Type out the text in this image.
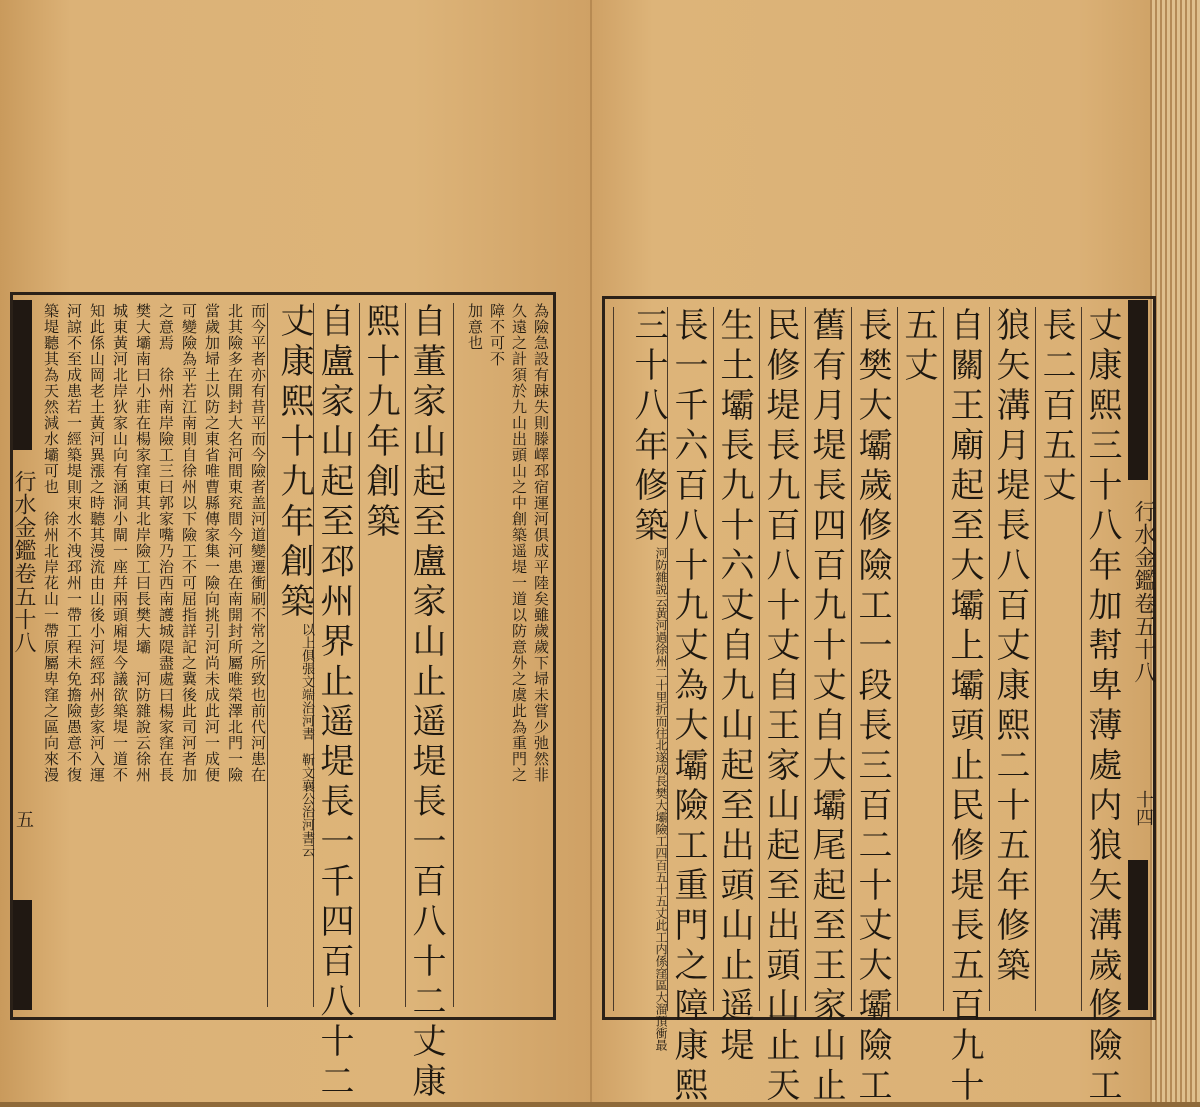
行水金鑑卷五十八
五
為險急設有踈失則滕嶧邳宿運河俱成平陸矣雖歲歲下埽未嘗少弛然非
久遠之計須於九山出頭山之中創築遥堤一道以防意外之虞此為重門之
障不可不
加意也
自董家山起至盧家山止遥堤長一百八十二丈康
熙十九年創築
自盧家山起至邳州界止遥堤長一千四百八十二
丈康熙十九年創築
以上俱張文端治河書　靳文襄公治河書云
而今平者亦有昔平而今險者盖河道變遷衝刷不常之所致也前代河患在
北其險多在開封大名河間東兖間今河患在南開封所屬唯榮澤北門一險
當歲加埽土以防之東省唯曹縣傳家集一險向挑引河尚未成此河一成便
可變險為平若江南則自徐州以下險工不可屈指詳記之冀後此司河者加
之意焉　徐州南岸險工三曰郭家嘴乃治西南護城隄盡處曰楊家窪在長
樊大壩南曰小莊在楊家窪東其北岸險工曰長樊大壩　河防雜說云徐州
城東黃河北岸狄家山向有涵洞小閘一座幷兩頭廂堤今議欲築堤一道不
知此係山岡老土黃河異漲之時聽其漫流由山後小河經邳州彭家河入運
河諒不至成患若一經築堤則束水不洩邳州一帶工程未免擔險愚意不復
築堤聽其為天然減水壩可也　徐州北岸花山一帶原屬卑窪之區向來漫	丈康熙三十八年加幇卑薄處内狼矢溝歲修險工
長二百五丈
狼矢溝月堤長八百丈康熙二十五年修築
自關王廟起至大壩上壩頭止民修堤長五百九十
五丈
長樊大壩歲修險工一段長三百二十丈大壩險工
舊有月堤長四百九十丈自大壩尾起至王家山止
民修堤長九百八十丈自王家山起至出頭山止天
生土壩長九十六丈自九山起至出頭山止遥堤
長一千六百八十九丈為大壩險工重門之障康熙
三十八年修築
河防雜説云黃河過徐州二十里折而往北遂成長樊大壩險工四百五十五丈此工内係窪區大溜頂衝最	行水金鑑卷五十八
十四
